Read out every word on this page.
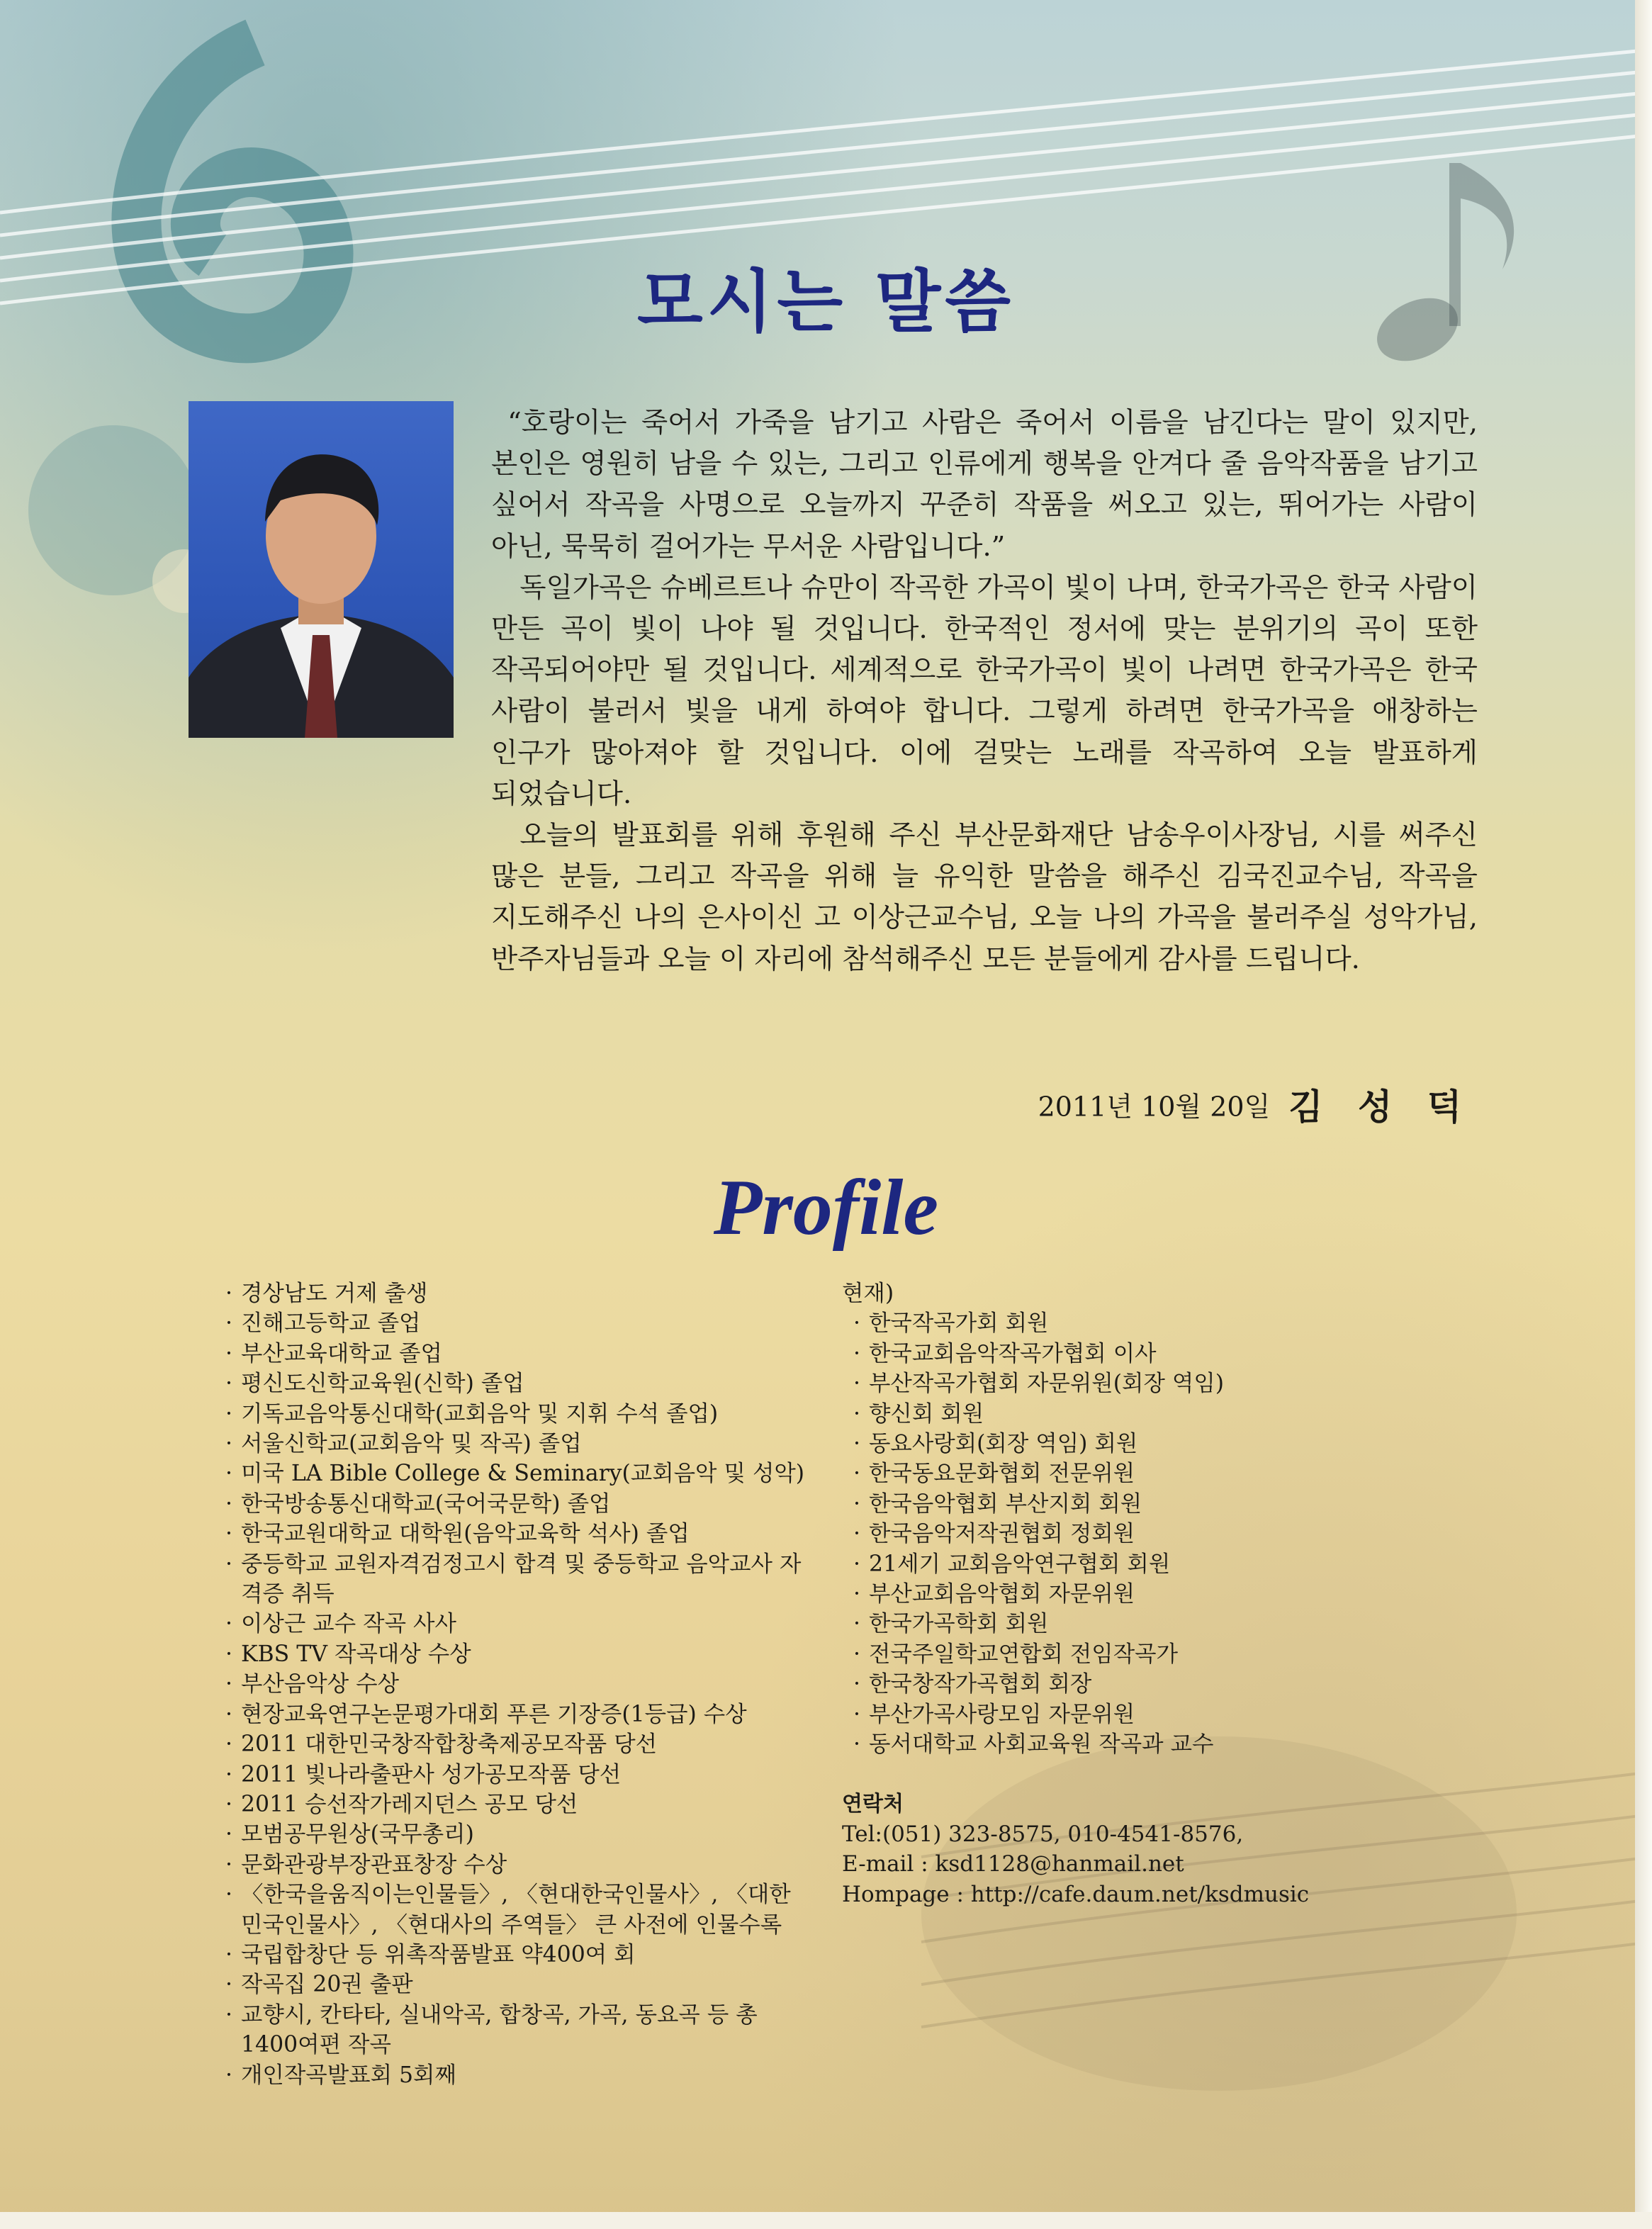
모시는 말씀

“호랑이는 죽어서 가죽을 남기고 사람은 죽어서 이름을 남긴다는 말이 있지만, 본인은 영원히 남을 수 있는, 그리고 인류에게 행복을 안겨다 줄 음악작품을 남기고 싶어서 작곡을 사명으로 오늘까지 꾸준히 작품을 써오고 있는, 뛰어가는 사람이 아닌, 묵묵히 걸어가는 무서운 사람입니다.”

독일가곡은 슈베르트나 슈만이 작곡한 가곡이 빛이 나며, 한국가곡은 한국 사람이 만든 곡이 빛이 나야 될 것입니다. 한국적인 정서에 맞는 분위기의 곡이 또한 작곡되어야만 될 것입니다. 세계적으로 한국가곡이 빛이 나려면 한국가곡은 한국 사람이 불러서 빛을 내게 하여야 합니다. 그렇게 하려면 한국가곡을 애창하는 인구가 많아져야 할 것입니다. 이에 걸맞는 노래를 작곡하여 오늘 발표하게 되었습니다.

오늘의 발표회를 위해 후원해 주신 부산문화재단 남송우이사장님, 시를 써주신 많은 분들, 그리고 작곡을 위해 늘 유익한 말씀을 해주신 김국진교수님, 작곡을 지도해주신 나의 은사이신 고 이상근교수님, 오늘 나의 가곡을 불러주실 성악가님, 반주자님들과 오늘 이 자리에 참석해주신 모든 분들에게 감사를 드립니다.

2011년 10월 20일 김 성 덕
Profile
· 경상남도 거제 출생
· 진해고등학교 졸업
· 부산교육대학교 졸업
· 평신도신학교육원(신학) 졸업
· 기독교음악통신대학(교회음악 및 지휘 수석 졸업)
· 서울신학교(교회음악 및 작곡) 졸업
· 미국 LA Bible College & Seminary(교회음악 및 성악)
· 한국방송통신대학교(국어국문학) 졸업
· 한국교원대학교 대학원(음악교육학 석사) 졸업
· 중등학교 교원자격검정고시 합격 및 중등학교 음악교사 자격증 취득
· 이상근 교수 작곡 사사
· KBS TV 작곡대상 수상
· 부산음악상 수상
· 현장교육연구논문평가대회 푸른 기장증(1등급) 수상
· 2011 대한민국창작합창축제공모작품 당선
· 2011 빛나라출판사 성가공모작품 당선
· 2011 승선작가레지던스 공모 당선
· 모범공무원상(국무총리)
· 문화관광부장관표창장 수상
· 〈한국을움직이는인물들〉, 〈현대한국인물사〉, 〈대한민국인물사〉, 〈현대사의 주역들〉 큰 사전에 인물수록
· 국립합창단 등 위촉작품발표 약400여 회
· 작곡집 20권 출판
· 교향시, 칸타타, 실내악곡, 합창곡, 가곡, 동요곡 등 총 1400여편 작곡
· 개인작곡발표회 5회째
현재)
· 한국작곡가회 회원
· 한국교회음악작곡가협회 이사
· 부산작곡가협회 자문위원(회장 역임)
· 향신회 회원
· 동요사랑회(회장 역임) 회원
· 한국동요문화협회 전문위원
· 한국음악협회 부산지회 회원
· 한국음악저작권협회 정회원
· 21세기 교회음악연구협회 회원
· 부산교회음악협회 자문위원
· 한국가곡학회 회원
· 전국주일학교연합회 전임작곡가
· 한국창작가곡협회 회장
· 부산가곡사랑모임 자문위원
· 동서대학교 사회교육원 작곡과 교수
연락처
Tel:(051) 323-8575, 010-4541-8576,
E-mail : ksd1128@hanmail.net
Hompage : http://cafe.daum.net/ksdmusic
